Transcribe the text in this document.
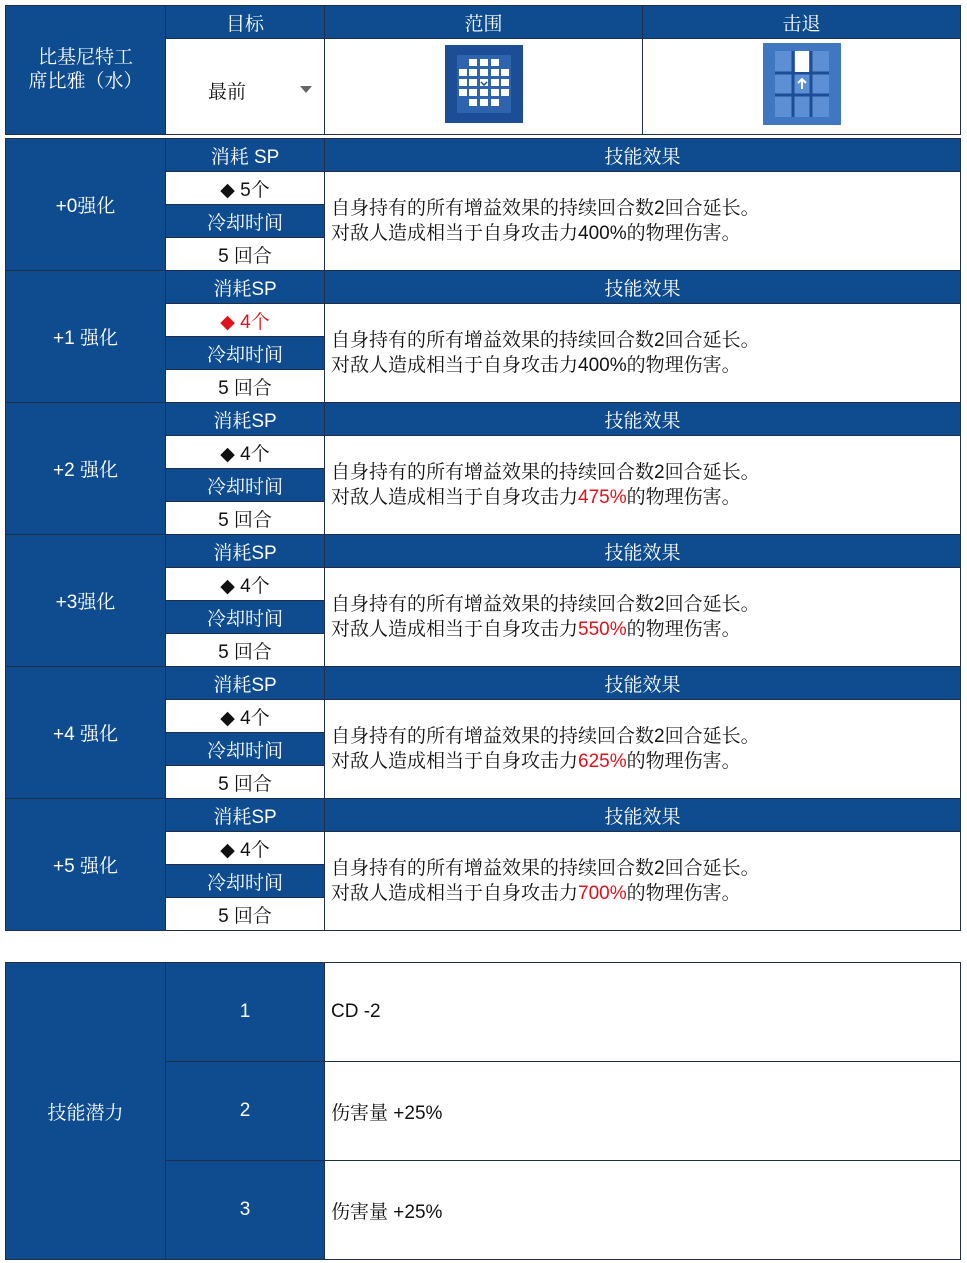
比基尼特工
席比雅（水）	目标	范围	击退

	最前

+0强化	消耗 SP	技能效果
	◆ 5个	自身持有的所有增益效果的持续回合数2回合延长。
对敌人造成相当于自身攻击力400%的物理伤害。

	冷却时间	
	5 回合	
+1 强化	消耗SP	技能效果
	◆ 4个	自身持有的所有增益效果的持续回合数2回合延长。
对敌人造成相当于自身攻击力400%的物理伤害。

	冷却时间	
	5 回合	
+2 强化	消耗SP	技能效果
	◆ 4个	自身持有的所有增益效果的持续回合数2回合延长。
对敌人造成相当于自身攻击力475%的物理伤害。

	冷却时间	
	5 回合	
+3强化	消耗SP	技能效果
	◆ 4个	自身持有的所有增益效果的持续回合数2回合延长。
对敌人造成相当于自身攻击力550%的物理伤害。

	冷却时间	
	5 回合	
+4 强化	消耗SP	技能效果
	◆ 4个	自身持有的所有增益效果的持续回合数2回合延长。
对敌人造成相当于自身攻击力625%的物理伤害。

	冷却时间	
	5 回合	
+5 强化	消耗SP	技能效果
	◆ 4个	自身持有的所有增益效果的持续回合数2回合延长。
对敌人造成相当于自身攻击力700%的物理伤害。

	冷却时间	
	5 回合	
技能潜力	1	CD -2
	2	伤害量 +25%
	3	伤害量 +25%
